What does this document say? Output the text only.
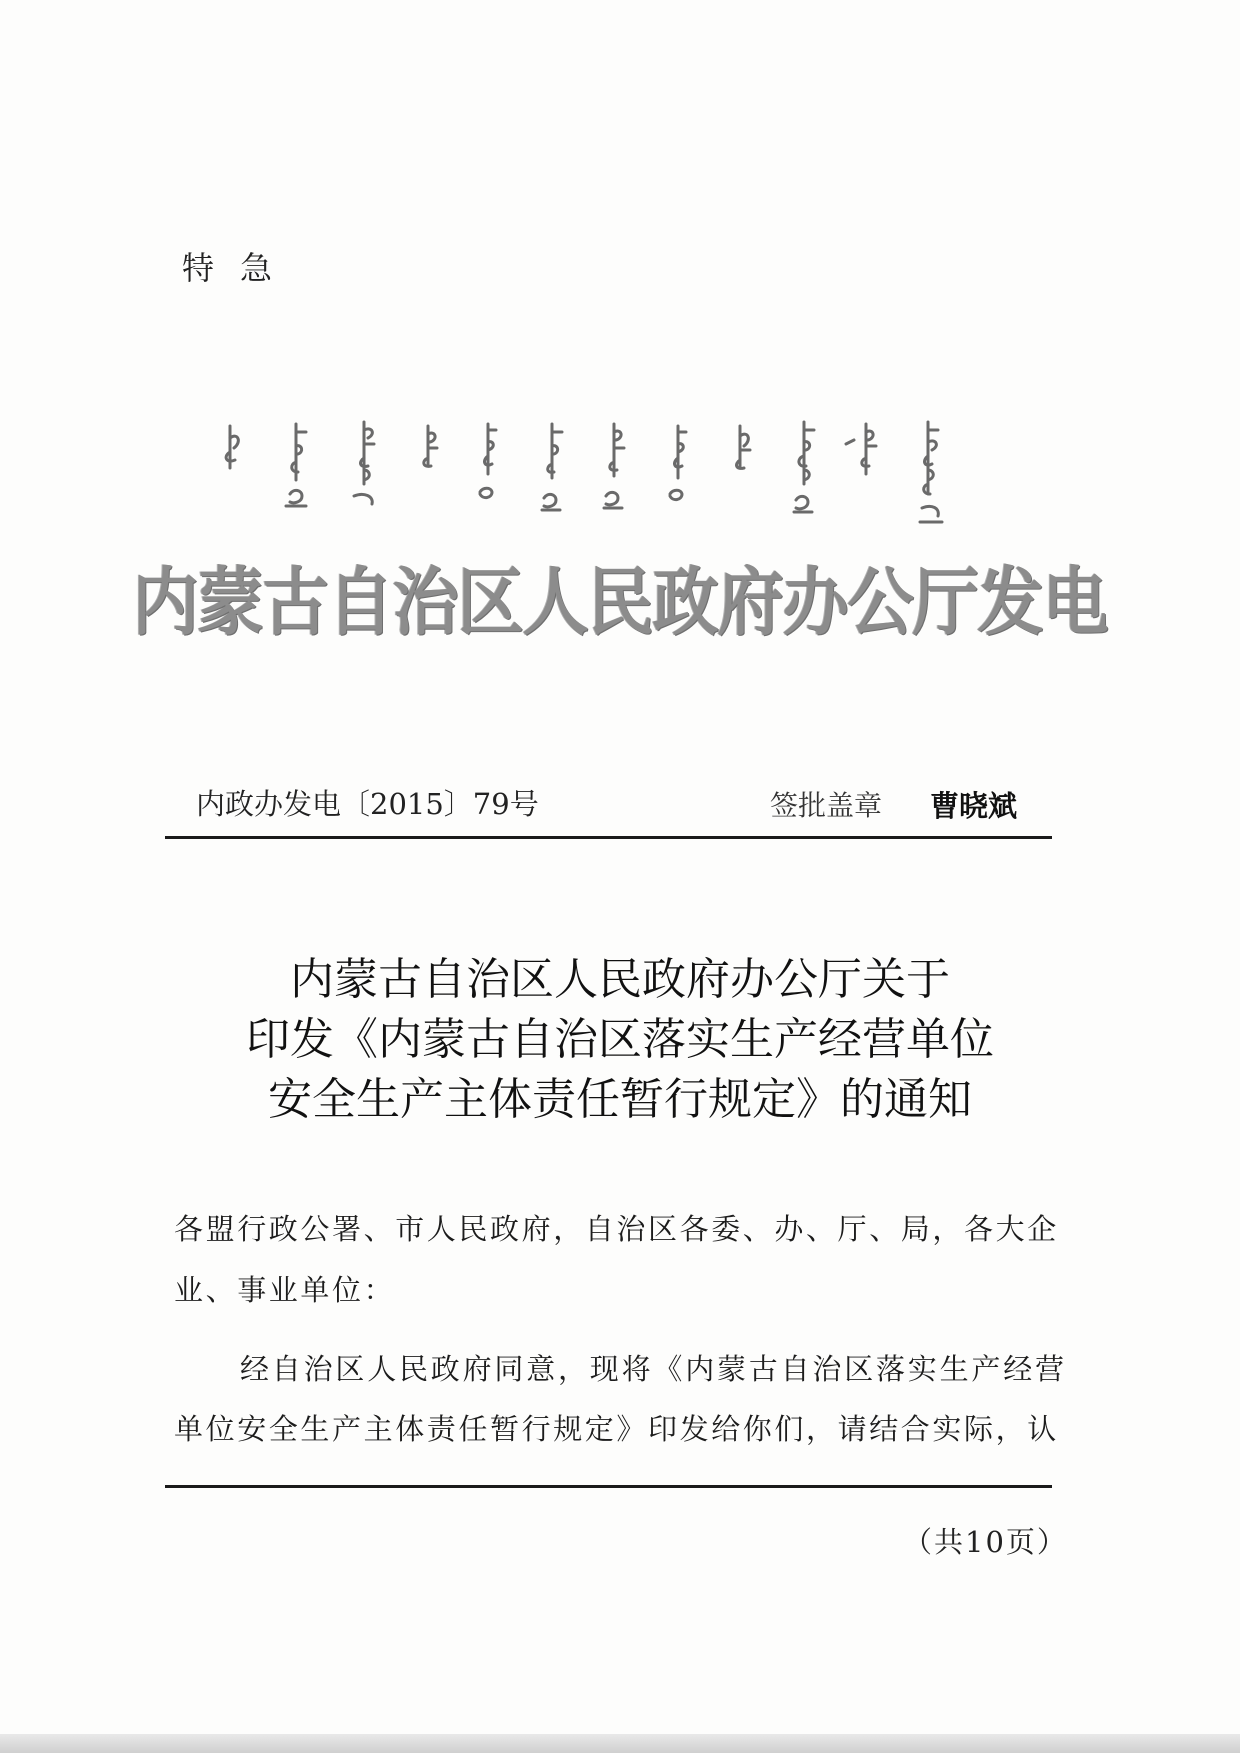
特急
内蒙古自治区人民政府办公厅发电
内政办发电〔2015〕79号	签批盖章 曹晓斌
内蒙古自治区人民政府办公厅关于
印发《内蒙古自治区落实生产经营单位
安全生产主体责任暂行规定》的通知
各盟行政公署、市人民政府，自治区各委、办、厅、局，各大企
业、事业单位：
经自治区人民政府同意，现将《内蒙古自治区落实生产经营
单位安全生产主体责任暂行规定》印发给你们，请结合实际，认
（共10页）
